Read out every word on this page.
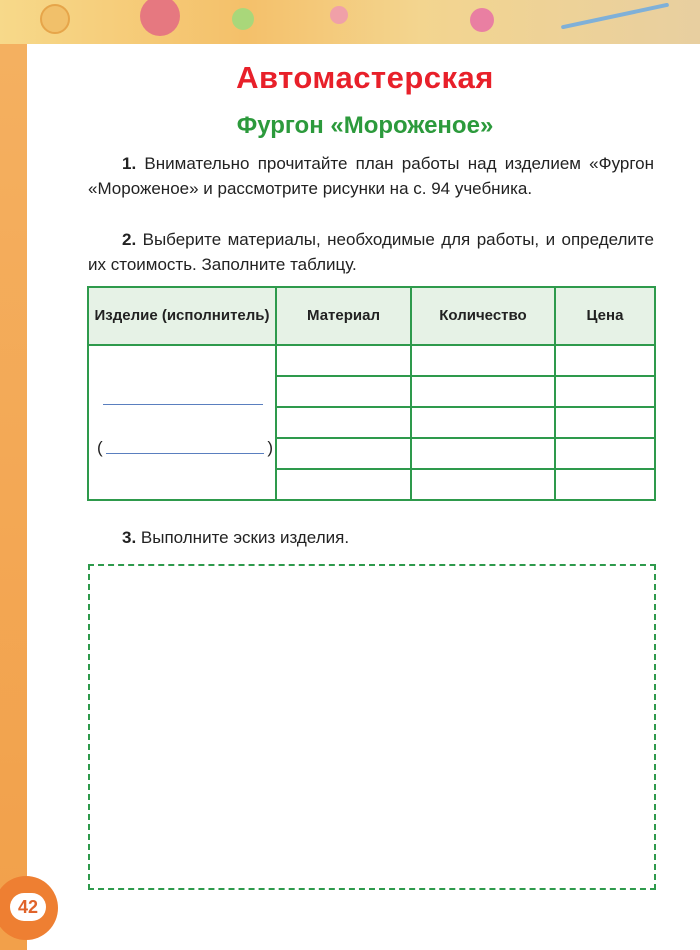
42
Автомастерская
Фургон «Мороженое»
1. Внимательно прочитайте план работы над изделием «Фургон «Мороженое» и рассмотрите рисунки на с. 94 учебника.
2. Выберите материалы, необходимые для работы, и определите их стоимость. Заполните таблицу.
Изделие (исполнитель)	Материал	Количество	Цена

( )			

3. Выполните эскиз изделия.
